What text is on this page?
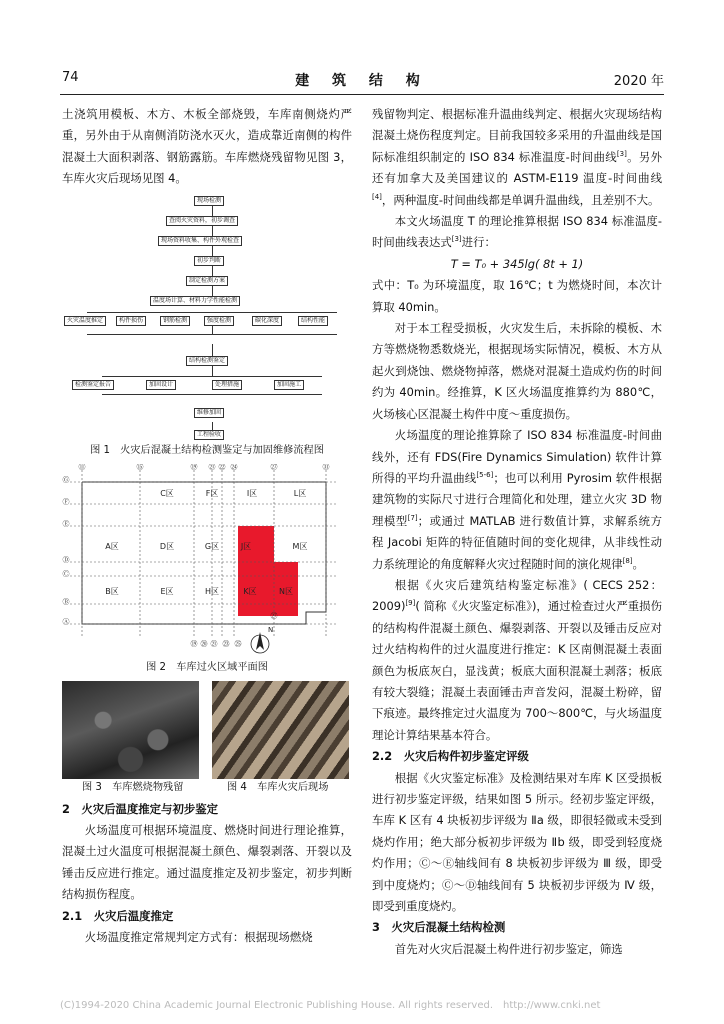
74	建 筑 结 构	2020 年

土浇筑用模板、木方、木板全部烧毁，车库南侧烧灼严重，另外由于从南侧消防浇水灭火，造成靠近南侧的构件混凝土大面积剥落、钢筋露筋。车库燃烧残留物见图 3，车库火灾后现场见图 4。

现场检测
查阅火灾资料，初步调查
现场资料收集、构件外观检查
初步判断
制定检测方案
温度场计算、材料力学性能检测
火灾温度推定	构件损伤	钢筋检测	强度检测	碳化深度	结构性能
结构检测鉴定
检测鉴定报告	加固设计	处理措施	加固施工
维修加固
工程验收
图 1　火灾后混凝土结构检测鉴定与加固维修流程图
⑪	⑮	⑲ ㉑ ㉒ ㉔	㉗	㉛
⑲ ⑳ ㉑ ㉓ ㉕
㉗
Ⓐ
Ⓑ
Ⓒ
Ⓓ
Ⓔ
Ⓕ
Ⓖ
C区	F区	I区	L区
A区	D区	G区	J区	M区
B区	E区	H区	K区	N区
N
图 2　车库过火区域平面图
图 3　车库燃烧物残留	图 4　车库火灾后现场
2　火灾后温度推定与初步鉴定

火场温度可根据环境温度、燃烧时间进行理论推算，混凝土过火温度可根据混凝土颜色、爆裂剥落、开裂以及锤击反应进行推定。通过温度推定及初步鉴定，初步判断结构损伤程度。

2.1　火灾后温度推定

火场温度推定常规判定方式有：根据现场燃烧

残留物判定、根据标准升温曲线判定、根据火灾现场结构混凝土烧伤程度判定。目前我国较多采用的升温曲线是国际标准组织制定的 ISO 834 标准温度-时间曲线[3]。另外还有加拿大及美国建议的 ASTM-E119 温度-时间曲线[4]，两种温度-时间曲线都是单调升温曲线，且差别不大。

本文火场温度 T 的理论推算根据 ISO 834 标准温度-时间曲线表达式[3]进行：

T = T₀ + 345lg( 8t + 1)

式中：T₀ 为环境温度，取 16℃；t 为燃烧时间，本次计算取 40min。

对于本工程受损板，火灾发生后，未拆除的模板、木方等燃烧物悉数烧光，根据现场实际情况，模板、木方从起火到烧蚀、燃烧物掉落，燃烧对混凝土造成灼伤的时间约为 40min。经推算，K 区火场温度推算约为 880℃，火场核心区混凝土构件中度～重度损伤。

火场温度的理论推算除了 ISO 834 标准温度-时间曲线外，还有 FDS(Fire Dynamics Simulation) 软件计算所得的平均升温曲线[5-6]；也可以利用 Pyrosim 软件根据建筑物的实际尺寸进行合理简化和处理，建立火灾 3D 物理模型[7]；或通过 MATLAB 进行数值计算，求解系统方程 Jacobi 矩阵的特征值随时间的变化规律，从非线性动力系统理论的角度解释火灾过程随时间的演化规律[8]。

根据《火灾后建筑结构鉴定标准》( CECS 252：2009)[9]( 简称《火灾鉴定标准》)，通过检查过火严重损伤的结构构件混凝土颜色、爆裂剥落、开裂以及锤击反应对过火结构构件的过火温度进行推定：K 区南侧混凝土表面颜色为板底灰白，显浅黄；板底大面积混凝土剥落；板底有较大裂缝；混凝土表面锤击声音发闷，混凝土粉碎，留下痕迹。最终推定过火温度为 700～800℃，与火场温度理论计算结果基本符合。

2.2　火灾后构件初步鉴定评级

根据《火灾鉴定标准》及检测结果对车库 K 区受损板进行初步鉴定评级，结果如图 5 所示。经初步鉴定评级，车库 K 区有 4 块板初步评级为 Ⅱa 级，即很轻微或未受到烧灼作用；绝大部分板初步评级为 Ⅱb 级，即受到轻度烧灼作用；Ⓒ～Ⓔ轴线间有 8 块板初步评级为 Ⅲ 级，即受到中度烧灼；Ⓒ～Ⓓ轴线间有 5 块板初步评级为 Ⅳ 级，即受到重度烧灼。

3　火灾后混凝土结构检测

首先对火灾后混凝土构件进行初步鉴定，筛选

(C)1994-2020 China Academic Journal Electronic Publishing House. All rights reserved.　http://www.cnki.net
